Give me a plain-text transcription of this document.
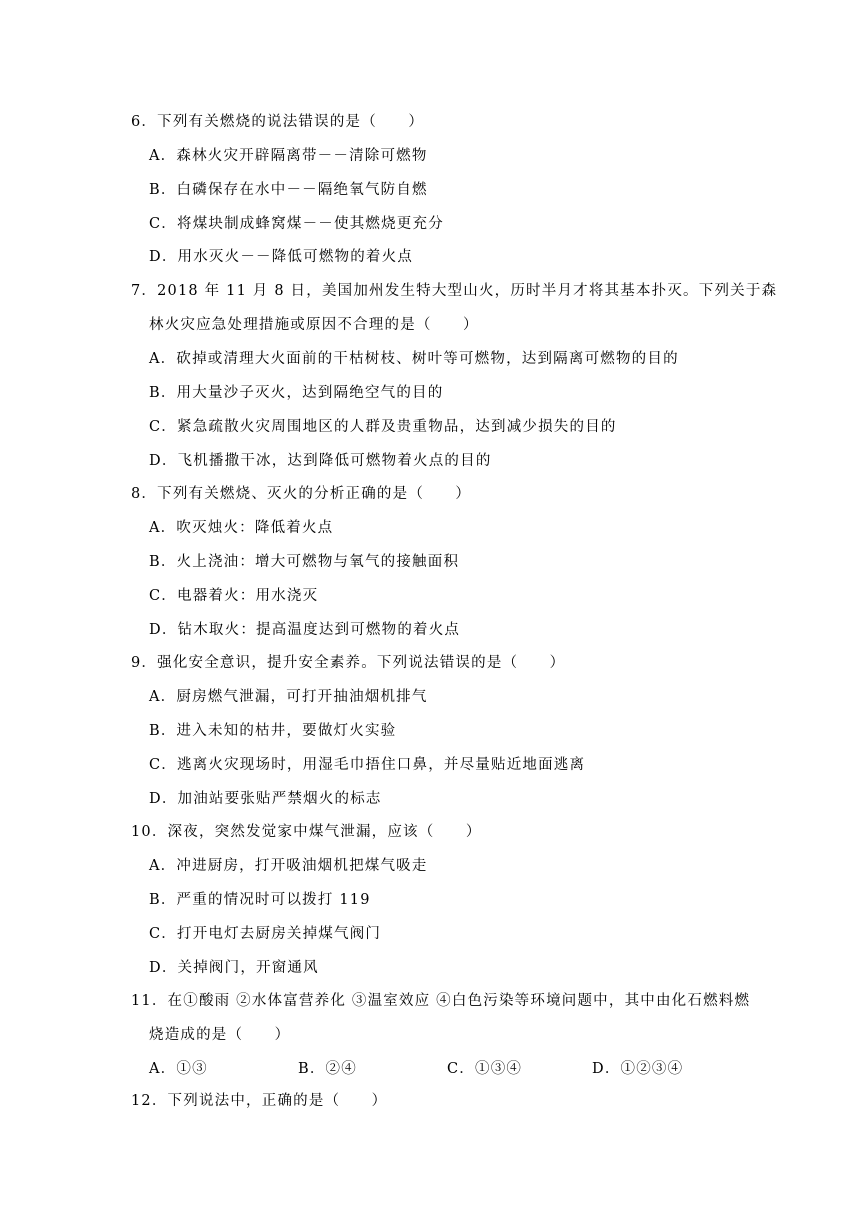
6．下列有关燃烧的说法错误的是（　　）
A．森林火灾开辟隔离带－－清除可燃物
B．白磷保存在水中－－隔绝氧气防自燃
C．将煤块制成蜂窝煤－－使其燃烧更充分
D．用水灭火－－降低可燃物的着火点
7．2018 年 11 月 8 日，美国加州发生特大型山火，历时半月才将其基本扑灭。下列关于森
林火灾应急处理措施或原因不合理的是（　　）
A．砍掉或清理大火面前的干枯树枝、树叶等可燃物，达到隔离可燃物的目的
B．用大量沙子灭火，达到隔绝空气的目的
C．紧急疏散火灾周围地区的人群及贵重物品，达到减少损失的目的
D．飞机播撒干冰，达到降低可燃物着火点的目的
8．下列有关燃烧、灭火的分析正确的是（　　）
A．吹灭烛火：降低着火点
B．火上浇油：增大可燃物与氧气的接触面积
C．电器着火：用水浇灭
D．钻木取火：提高温度达到可燃物的着火点
9．强化安全意识，提升安全素养。下列说法错误的是（　　）
A．厨房燃气泄漏，可打开抽油烟机排气
B．进入未知的枯井，要做灯火实验
C．逃离火灾现场时，用湿毛巾捂住口鼻，并尽量贴近地面逃离
D．加油站要张贴严禁烟火的标志
10．深夜，突然发觉家中煤气泄漏，应该（　　）
A．冲进厨房，打开吸油烟机把煤气吸走
B．严重的情况时可以拨打 119
C．打开电灯去厨房关掉煤气阀门
D．关掉阀门，开窗通风
11．在①酸雨 ②水体富营养化 ③温室效应 ④白色污染等环境问题中，其中由化石燃料燃
烧造成的是（　　）
A．①③	B．②④	C．①③④	D．①②③④
12．下列说法中，正确的是（　　）
